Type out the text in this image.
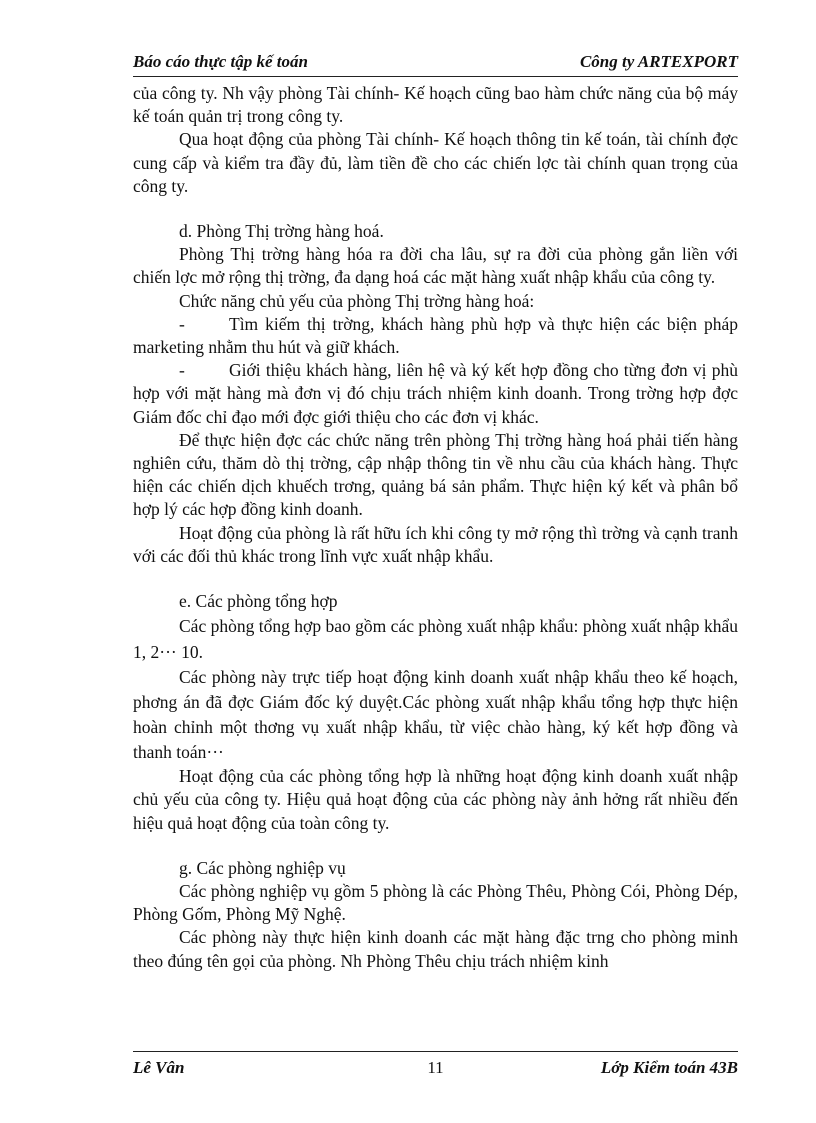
Báo cáo thực tập kế toán	Công ty ARTEXPORT

của công ty. Nh vậy phòng Tài chính- Kế hoạch cũng bao hàm chức năng của bộ máy kế toán quản trị trong công ty.

Qua hoạt động của phòng Tài chính- Kế hoạch thông tin kế toán, tài chính đợc cung cấp và kiểm tra đầy đủ, làm tiền đề cho các chiến lợc tài chính quan trọng của công ty.

d. Phòng Thị trờng hàng hoá.

Phòng Thị trờng hàng hóa ra đời cha lâu, sự ra đời của phòng gắn liền với chiến lợc mở rộng thị trờng, đa dạng hoá các mặt hàng xuất nhập khẩu của công ty.

Chức năng chủ yếu của phòng Thị trờng hàng hoá:

-	Tìm kiếm thị trờng, khách hàng phù hợp và thực hiện các biện pháp marketing nhằm thu hút và giữ khách.

-	Giới thiệu khách hàng, liên hệ và ký kết hợp đồng cho từng đơn vị phù hợp với mặt hàng mà đơn vị đó chịu trách nhiệm kinh doanh. Trong trờng hợp đợc Giám đốc chỉ đạo mới đợc giới thiệu cho các đơn vị khác.

Để thực hiện đợc các chức năng trên phòng Thị trờng hàng hoá phải tiến hàng nghiên cứu, thăm dò thị trờng, cập nhập thông tin về nhu cầu của khách hàng. Thực hiện các chiến dịch khuếch trơng, quảng bá sản phẩm. Thực hiện ký kết và phân bổ hợp lý các hợp đồng kinh doanh.

Hoạt động của phòng là rất hữu ích khi công ty mở rộng thì trờng và cạnh tranh với các đối thủ khác trong lĩnh vực xuất nhập khẩu.

e. Các phòng tổng hợp

Các phòng tổng hợp bao gồm các phòng xuất nhập khẩu: phòng xuất nhập khẩu 1, 2··· 10.

Các phòng này trực tiếp hoạt động kinh doanh xuất nhập khẩu theo kế hoạch, phơng án đã đợc Giám đốc ký duyệt.Các phòng xuất nhập khẩu tổng hợp thực hiện hoàn chỉnh một thơng vụ xuất nhập khẩu, từ việc chào hàng, ký kết hợp đồng và thanh toán···

Hoạt động của các phòng tổng hợp là những hoạt động kinh doanh xuất nhập chủ yếu của công ty. Hiệu quả hoạt động của các phòng này ảnh hởng rất nhiều đến hiệu quả hoạt động của toàn công ty.

g. Các phòng nghiệp vụ

Các phòng nghiệp vụ gồm 5 phòng là các Phòng Thêu, Phòng Cói, Phòng Dép, Phòng Gốm, Phòng Mỹ Nghệ.

Các phòng này thực hiện kinh doanh các mặt hàng đặc trng cho phòng minh theo đúng tên gọi của phòng. Nh Phòng Thêu chịu trách nhiệm kinh

Lê Vân	11	Lớp Kiểm toán 43B
